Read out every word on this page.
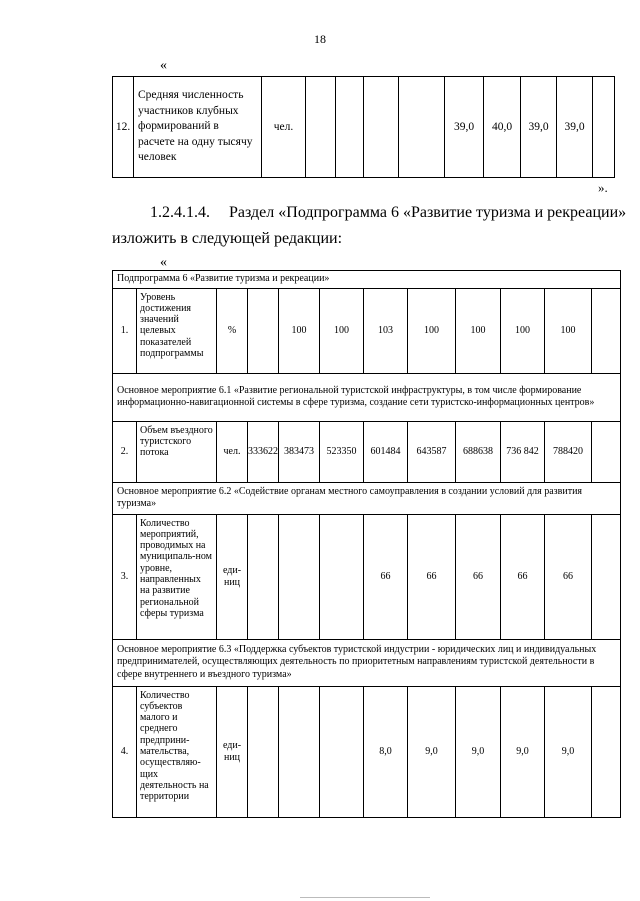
18
«
12.	Средняя численность участников клубных формирований в расчете на одну тысячу человек	чел.					39,0	40,0	39,0	39,0	
».
1.2.4.1.4. Раздел «Подпрограмма 6 «Развитие туризма и рекреации»
изложить в следующей редакции:
«
Подпрограмма 6 «Развитие туризма и рекреации»											
1.	Уровень достижения значений целевых показателей подпрограммы	%		100	100	103	100	100	100	100	
Основное мероприятие 6.1 «Развитие региональной туристской инфраструктуры, в том числе формирование информационно-навигационной системы в сфере туризма, создание сети туристско-информационных центров»											
2.	Объем въездного туристского потока	чел.	333622	383473	523350	601484	643587	688638	736 842	788420	
Основное мероприятие 6.2 «Содействие органам местного самоуправления в создании условий для развития туризма»											
3.	Количество мероприятий, проводимых на муниципаль-ном уровне, направленных на развитие региональной сферы туризма	еди-ниц				66	66	66	66	66	
Основное мероприятие 6.3 «Поддержка субъектов туристской индустрии - юридических лиц и индивидуальных предпринимателей, осуществляющих деятельность по приоритетным направлениям туристской деятельности в сфере внутреннего и въездного туризма»											
4.	Количество субъектов малого и среднего предприни-мательства, осуществляю-щих деятельность на территории	еди-ниц				8,0	9,0	9,0	9,0	9,0	
